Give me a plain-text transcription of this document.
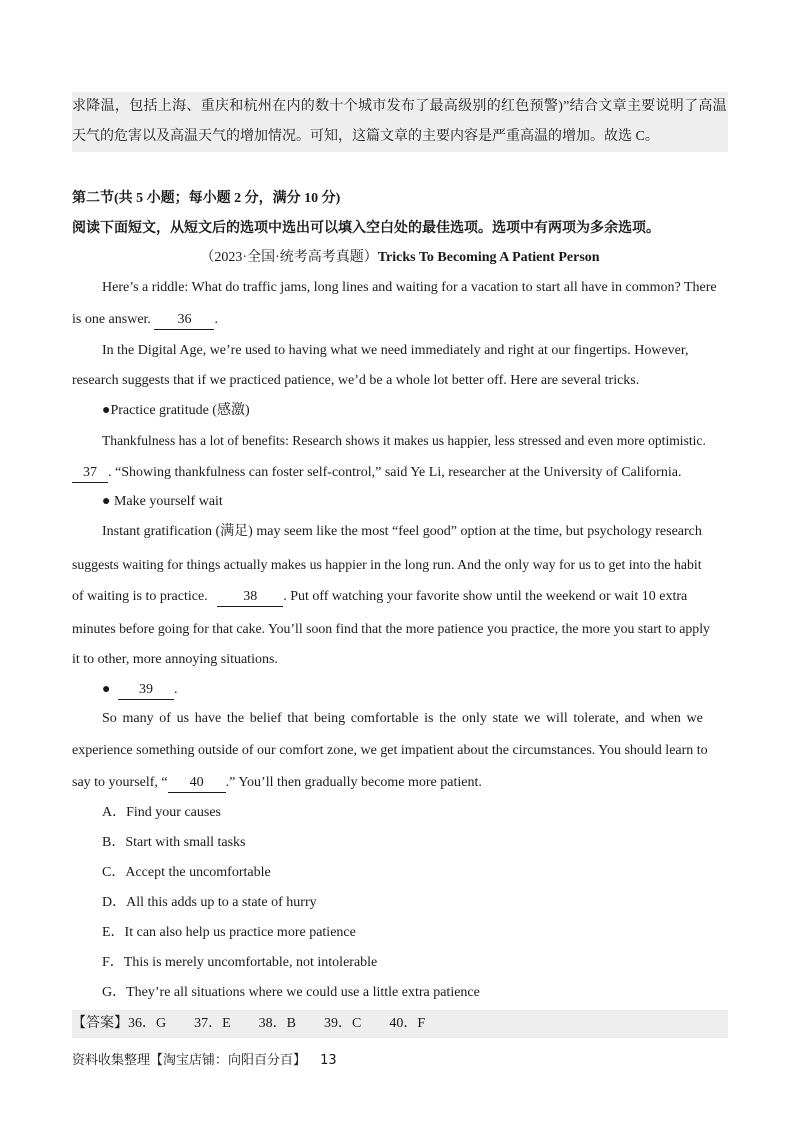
求降温，包括上海、重庆和杭州在内的数十个城市发布了最高级别的红色预警)”结合文章主要说明了高温
天气的危害以及高温天气的增加情况。可知，这篇文章的主要内容是严重高温的增加。故选 C。
第二节(共 5 小题；每小题 2 分，满分 10 分)
阅读下面短文，从短文后的选项中选出可以填入空白处的最佳选项。选项中有两项为多余选项。
（2023·全国·统考高考真题）Tricks To Becoming A Patient Person
Here’s a riddle: What do traffic jams, long lines and waiting for a vacation to start all have in common? There
is one answer. 36 .
In the Digital Age, we’re used to having what we need immediately and right at our fingertips. However,
research suggests that if we practiced patience, we’d be a whole lot better off. Here are several tricks.
●Practice gratitude (感激)
Thankfulness has a lot of benefits: Research shows it makes us happier, less stressed and even more optimistic.
37 . “Showing thankfulness can foster self-control,” said Ye Li, researcher at the University of California.
● Make yourself wait
Instant gratification (满足) may seem like the most “feel good” option at the time, but psychology research
suggests waiting for things actually makes us happier in the long run. And the only way for us to get into the habit
of waiting is to practice.	38 . Put off watching your favorite show until the weekend or wait 10 extra
minutes before going for that cake. You’ll soon find that the more patience you practice, the more you start to apply
it to other, more annoying situations.
● 39 .
So many of us have the belief that being comfortable is the only state we will tolerate, and when we
experience something outside of our comfort zone, we get impatient about the circumstances. You should learn to
say to yourself, “ 40 .” You’ll then gradually become more patient.
A．Find your causes
B．Start with small tasks
C．Accept the uncomfortable
D．All this adds up to a state of hurry
E．It can also help us practice more patience
F．This is merely uncomfortable, not intolerable
G．They’re all situations where we could use a little extra patience
【答案】36．G　　37．E　　38．B　　39．C　　40．F
资料收集整理【淘宝店铺：向阳百分百】 13
